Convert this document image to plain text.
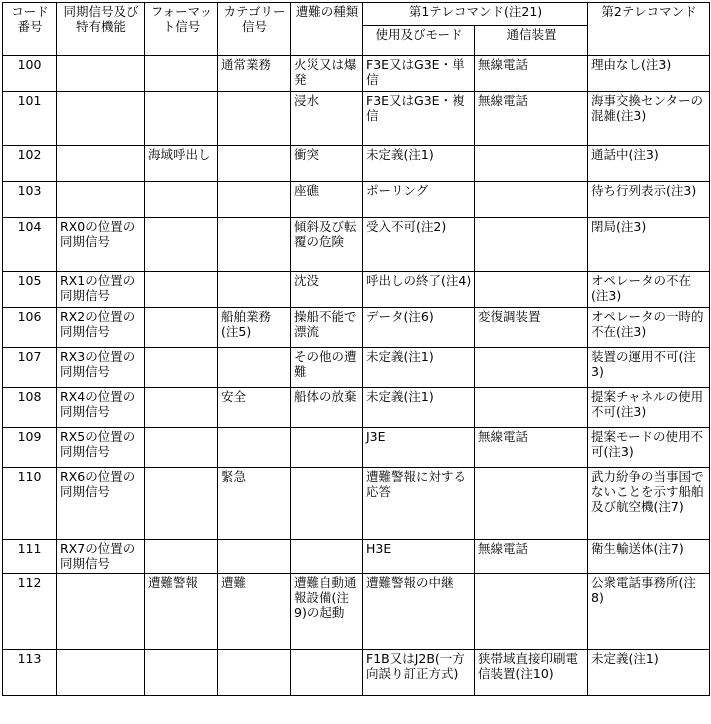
コード番号	同期信号及び特有機能	フォーマット信号	カテゴリー信号	遭難の種類	第1テレコマンド(注21)		第2テレコマンド
					使用及びモード	通信装置	
100			通常業務	火災又は爆発	F3E又はG3E・単信	無線電話	理由なし(注3)
101				浸水	F3E又はG3E・複信	無線電話	海事交換センターの混雑(注3)
102		海域呼出し		衝突	未定義(注1)		通話中(注3)
103				座礁	ポーリング		待ち行列表示(注3)
104	RX0の位置の同期信号			傾斜及び転覆の危険	受入不可(注2)		閉局(注3)
105	RX1の位置の同期信号			沈没	呼出しの終了(注4)		オペレータの不在(注3)
106	RX2の位置の同期信号		船舶業務(注5)	操船不能で漂流	データ(注6)	変復調装置	オペレータの一時的不在(注3)
107	RX3の位置の同期信号			その他の遭難	未定義(注1)		装置の運用不可(注3)
108	RX4の位置の同期信号		安全	船体の放棄	未定義(注1)		提案チャネルの使用不可(注3)
109	RX5の位置の同期信号				J3E	無線電話	提案モードの使用不可(注3)
110	RX6の位置の同期信号		緊急		遭難警報に対する応答		武力紛争の当事国でないことを示す船舶及び航空機(注7)
111	RX7の位置の同期信号				H3E	無線電話	衛生輸送体(注7)
112		遭難警報	遭難	遭難自動通報設備(注9)の起動	遭難警報の中継		公衆電話事務所(注8)
113					F1B又はJ2B(一方向誤り訂正方式)	狭帯域直接印刷電信装置(注10)	未定義(注1)
